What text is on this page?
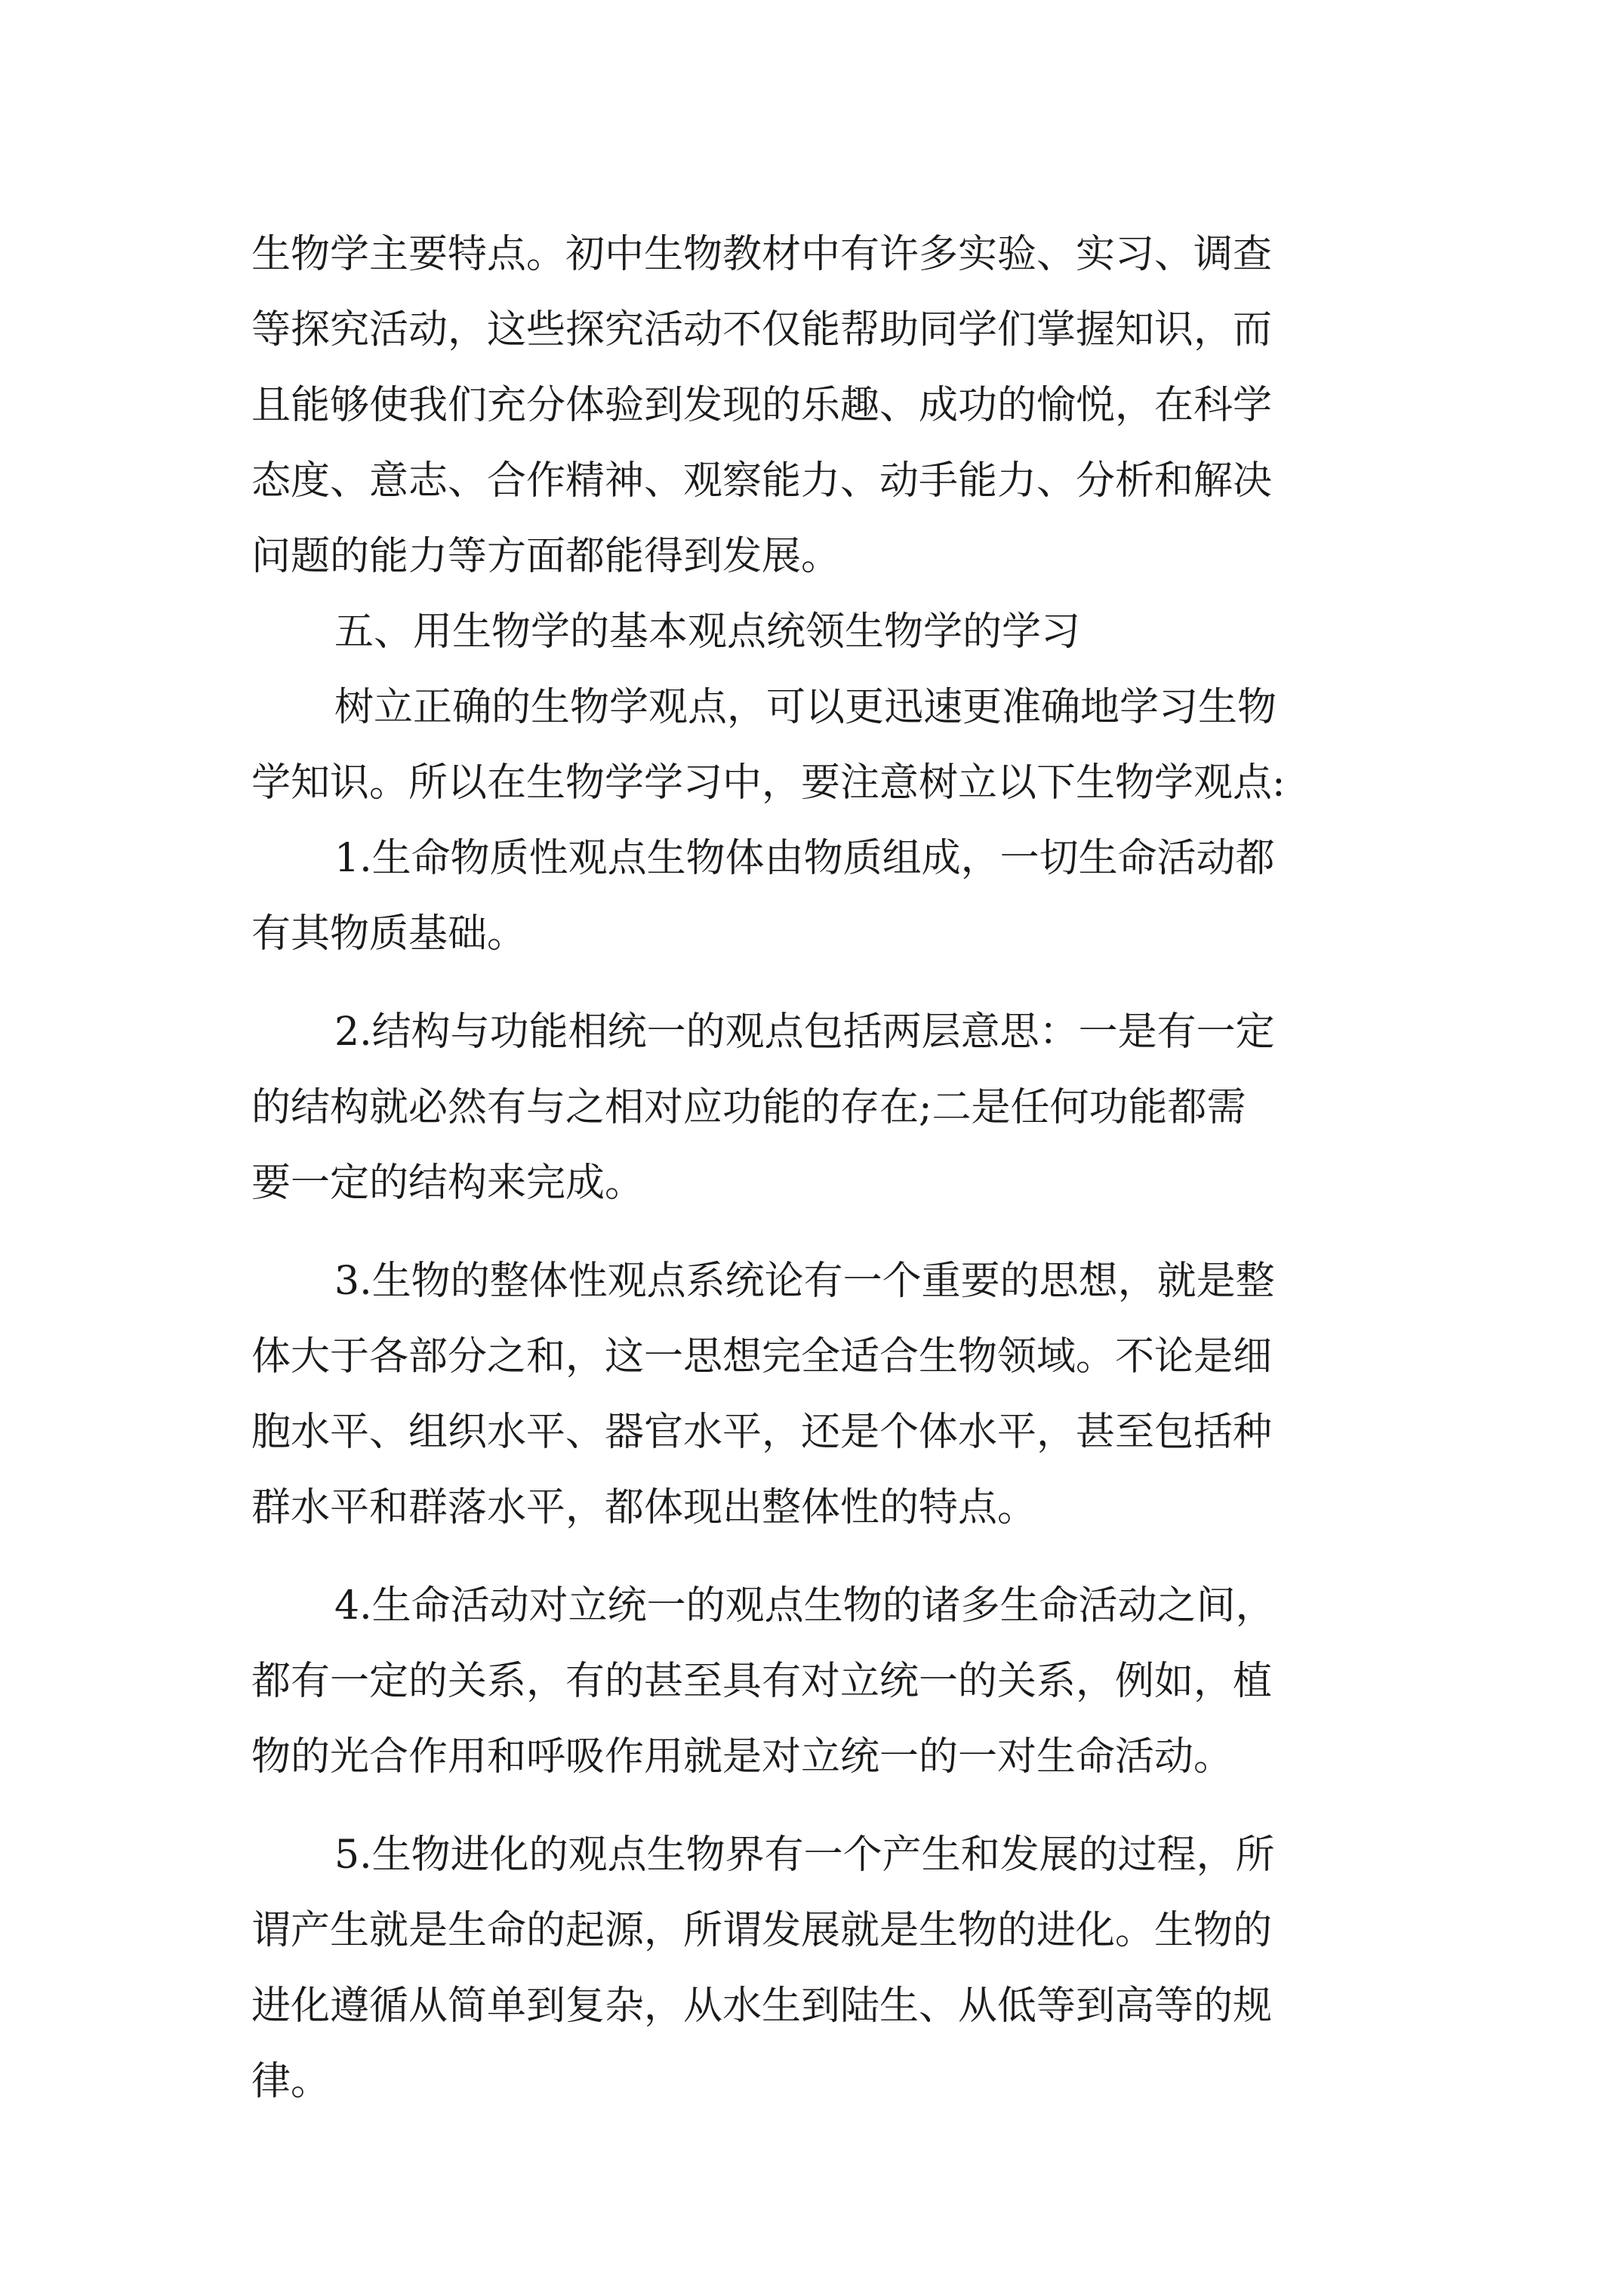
生物学主要特点。初中生物教材中有许多实验、实习、调查
等探究活动，这些探究活动不仅能帮助同学们掌握知识，而
且能够使我们充分体验到发现的乐趣、成功的愉悦，在科学
态度、意志、合作精神、观察能力、动手能力、分析和解决
问题的能力等方面都能得到发展。
五、用生物学的基本观点统领生物学的学习
树立正确的生物学观点，可以更迅速更准确地学习生物
学知识。所以在生物学学习中，要注意树立以下生物学观点:
1.生命物质性观点生物体由物质组成，一切生命活动都
有其物质基础。
2.结构与功能相统一的观点包括两层意思：一是有一定
的结构就必然有与之相对应功能的存在;二是任何功能都需
要一定的结构来完成。
3.生物的整体性观点系统论有一个重要的思想，就是整
体大于各部分之和，这一思想完全适合生物领域。不论是细
胞水平、组织水平、器官水平，还是个体水平，甚至包括种
群水平和群落水平，都体现出整体性的特点。
4.生命活动对立统一的观点生物的诸多生命活动之间，
都有一定的关系，有的甚至具有对立统一的关系，例如，植
物的光合作用和呼吸作用就是对立统一的一对生命活动。
5.生物进化的观点生物界有一个产生和发展的过程，所
谓产生就是生命的起源，所谓发展就是生物的进化。生物的
进化遵循从简单到复杂，从水生到陆生、从低等到高等的规
律。
